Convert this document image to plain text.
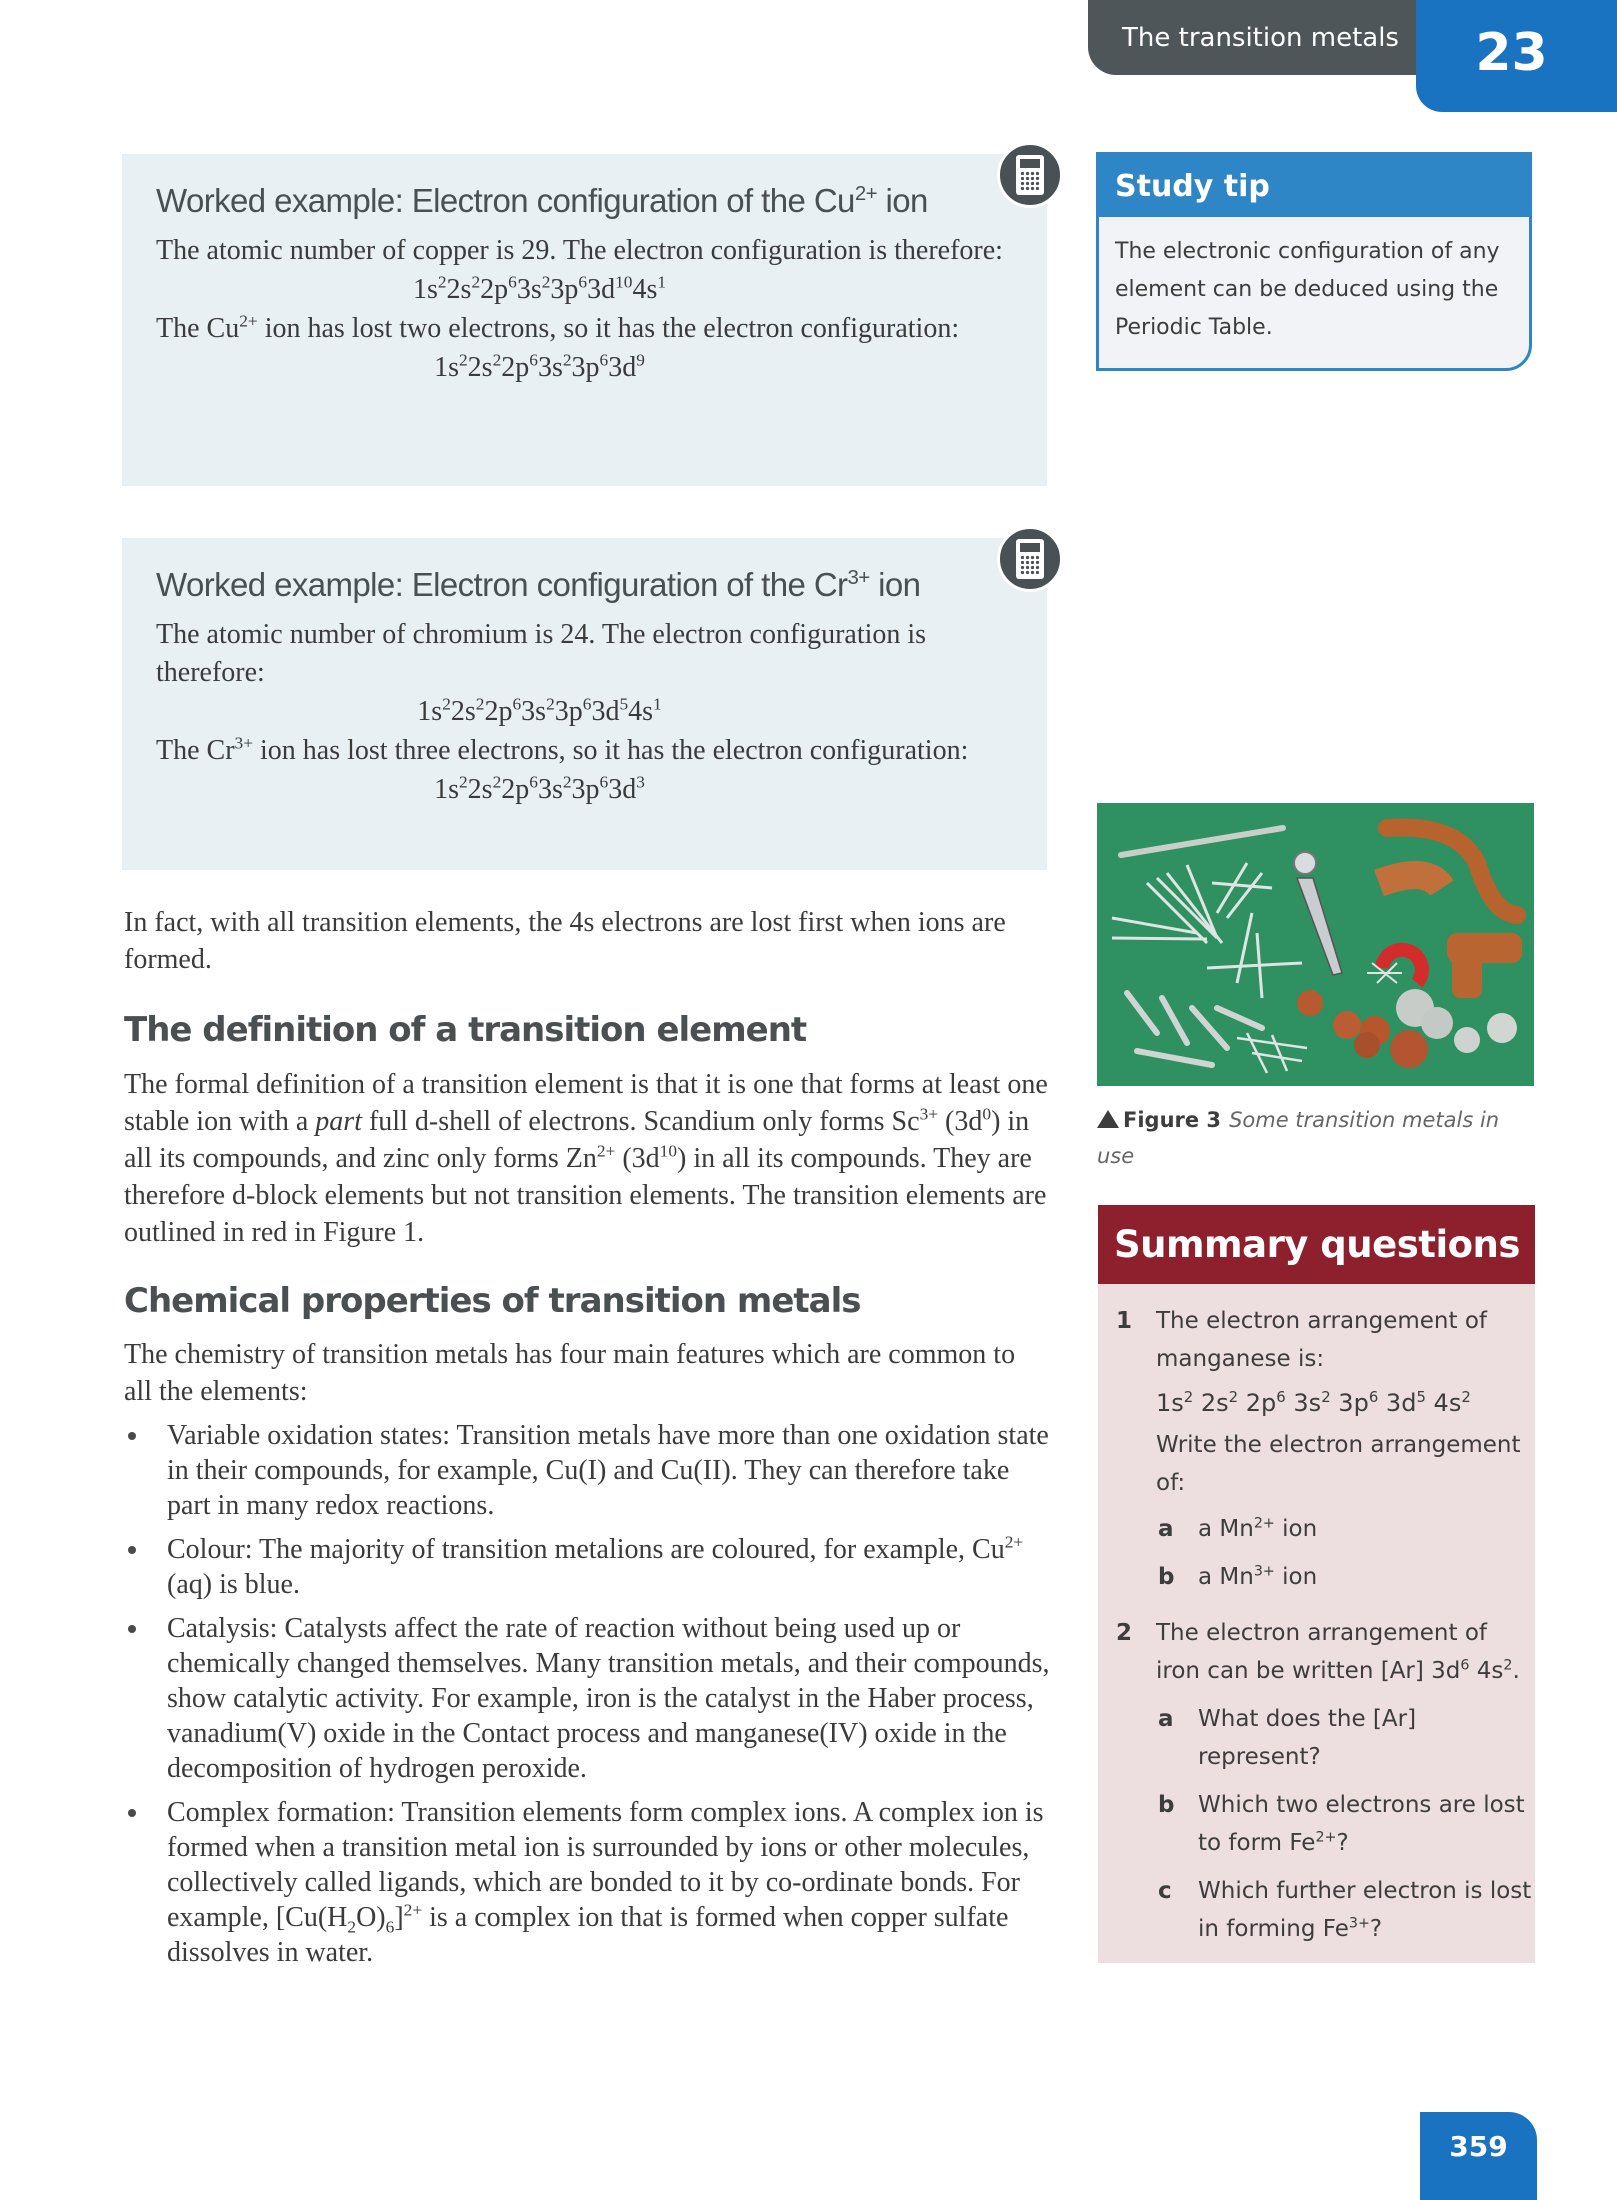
The transition metals 23
Worked example: Electron configuration of the $Cu^{2+}$ ion

The atomic number of copper is 29. The electron configuration is therefore:

$1s^22s^22p^63s^23p^63d^{10}4s^1$

The $Cu^{2+}$ ion has lost two electrons, so it has the electron configuration:

$1s^22s^22p^63s^23p^63d^9$
Worked example: Electron configuration of the $Cr^{3+}$ ion

The atomic number of chromium is 24. The electron configuration is therefore:

$1s^22s^22p^63s^23p^63d^54s^1$

The $Cr^{3+}$ ion has lost three electrons, so it has the electron configuration:

$1s^22s^22p^63s^23p^63d^3$

In fact, with all transition elements, the 4s electrons are lost first when ions are formed.

The definition of a transition element

The formal definition of a transition element is that it is one that forms at least one stable ion with a part full d-shell of electrons. Scandium only forms $Sc^{3+}$ $(3d^0)$ in all its compounds, and zinc only forms $Zn^{2+}$ $(3d^{10})$ in all its compounds. They are therefore d-block elements but not transition elements. The transition elements are outlined in red in Figure 1.

Chemical properties of transition metals

The chemistry of transition metals has four main features which are common to all the elements:

Variable oxidation states: Transition metals have more than one oxidation state in their compounds, for example, Cu(I) and Cu(II). They can therefore take part in many redox reactions.
Colour: The majority of transition metalions are coloured, for example, $Cu^{2+}(aq)$ is blue.
Catalysis: Catalysts affect the rate of reaction without being used up or chemically changed themselves. Many transition metals, and their compounds, show catalytic activity. For example, iron is the catalyst in the Haber process, vanadium(V) oxide in the Contact process and manganese(IV) oxide in the decomposition of hydrogen peroxide.
Complex formation: Transition elements form complex ions. A complex ion is formed when a transition metal ion is surrounded by ions or other molecules, collectively called ligands, which are bonded to it by co-ordinate bonds. For example, $[Cu(H_2O)_6]^{2+}$ is a complex ion that is formed when copper sulfate dissolves in water.
Study tip
The electronic configuration of any element can be deduced using the Periodic Table.
Figure 3 Some transition metals in use
Summary questions
1 The electron arrangement of manganese is:
$1s^2$ $2s^2$ $2p^6$ $3s^2$ $3p^6$ $3d^5$ $4s^2$
Write the electron arrangement of:
a a $Mn^{2+}$ ion
b a $Mn^{3+}$ ion
2 The electron arrangement of iron can be written [Ar] $3d^6$ $4s^2$.
a What does the [Ar] represent?
b Which two electrons are lost to form $Fe^{2+}$?
c Which further electron is lost in forming $Fe^{3+}$?
359
